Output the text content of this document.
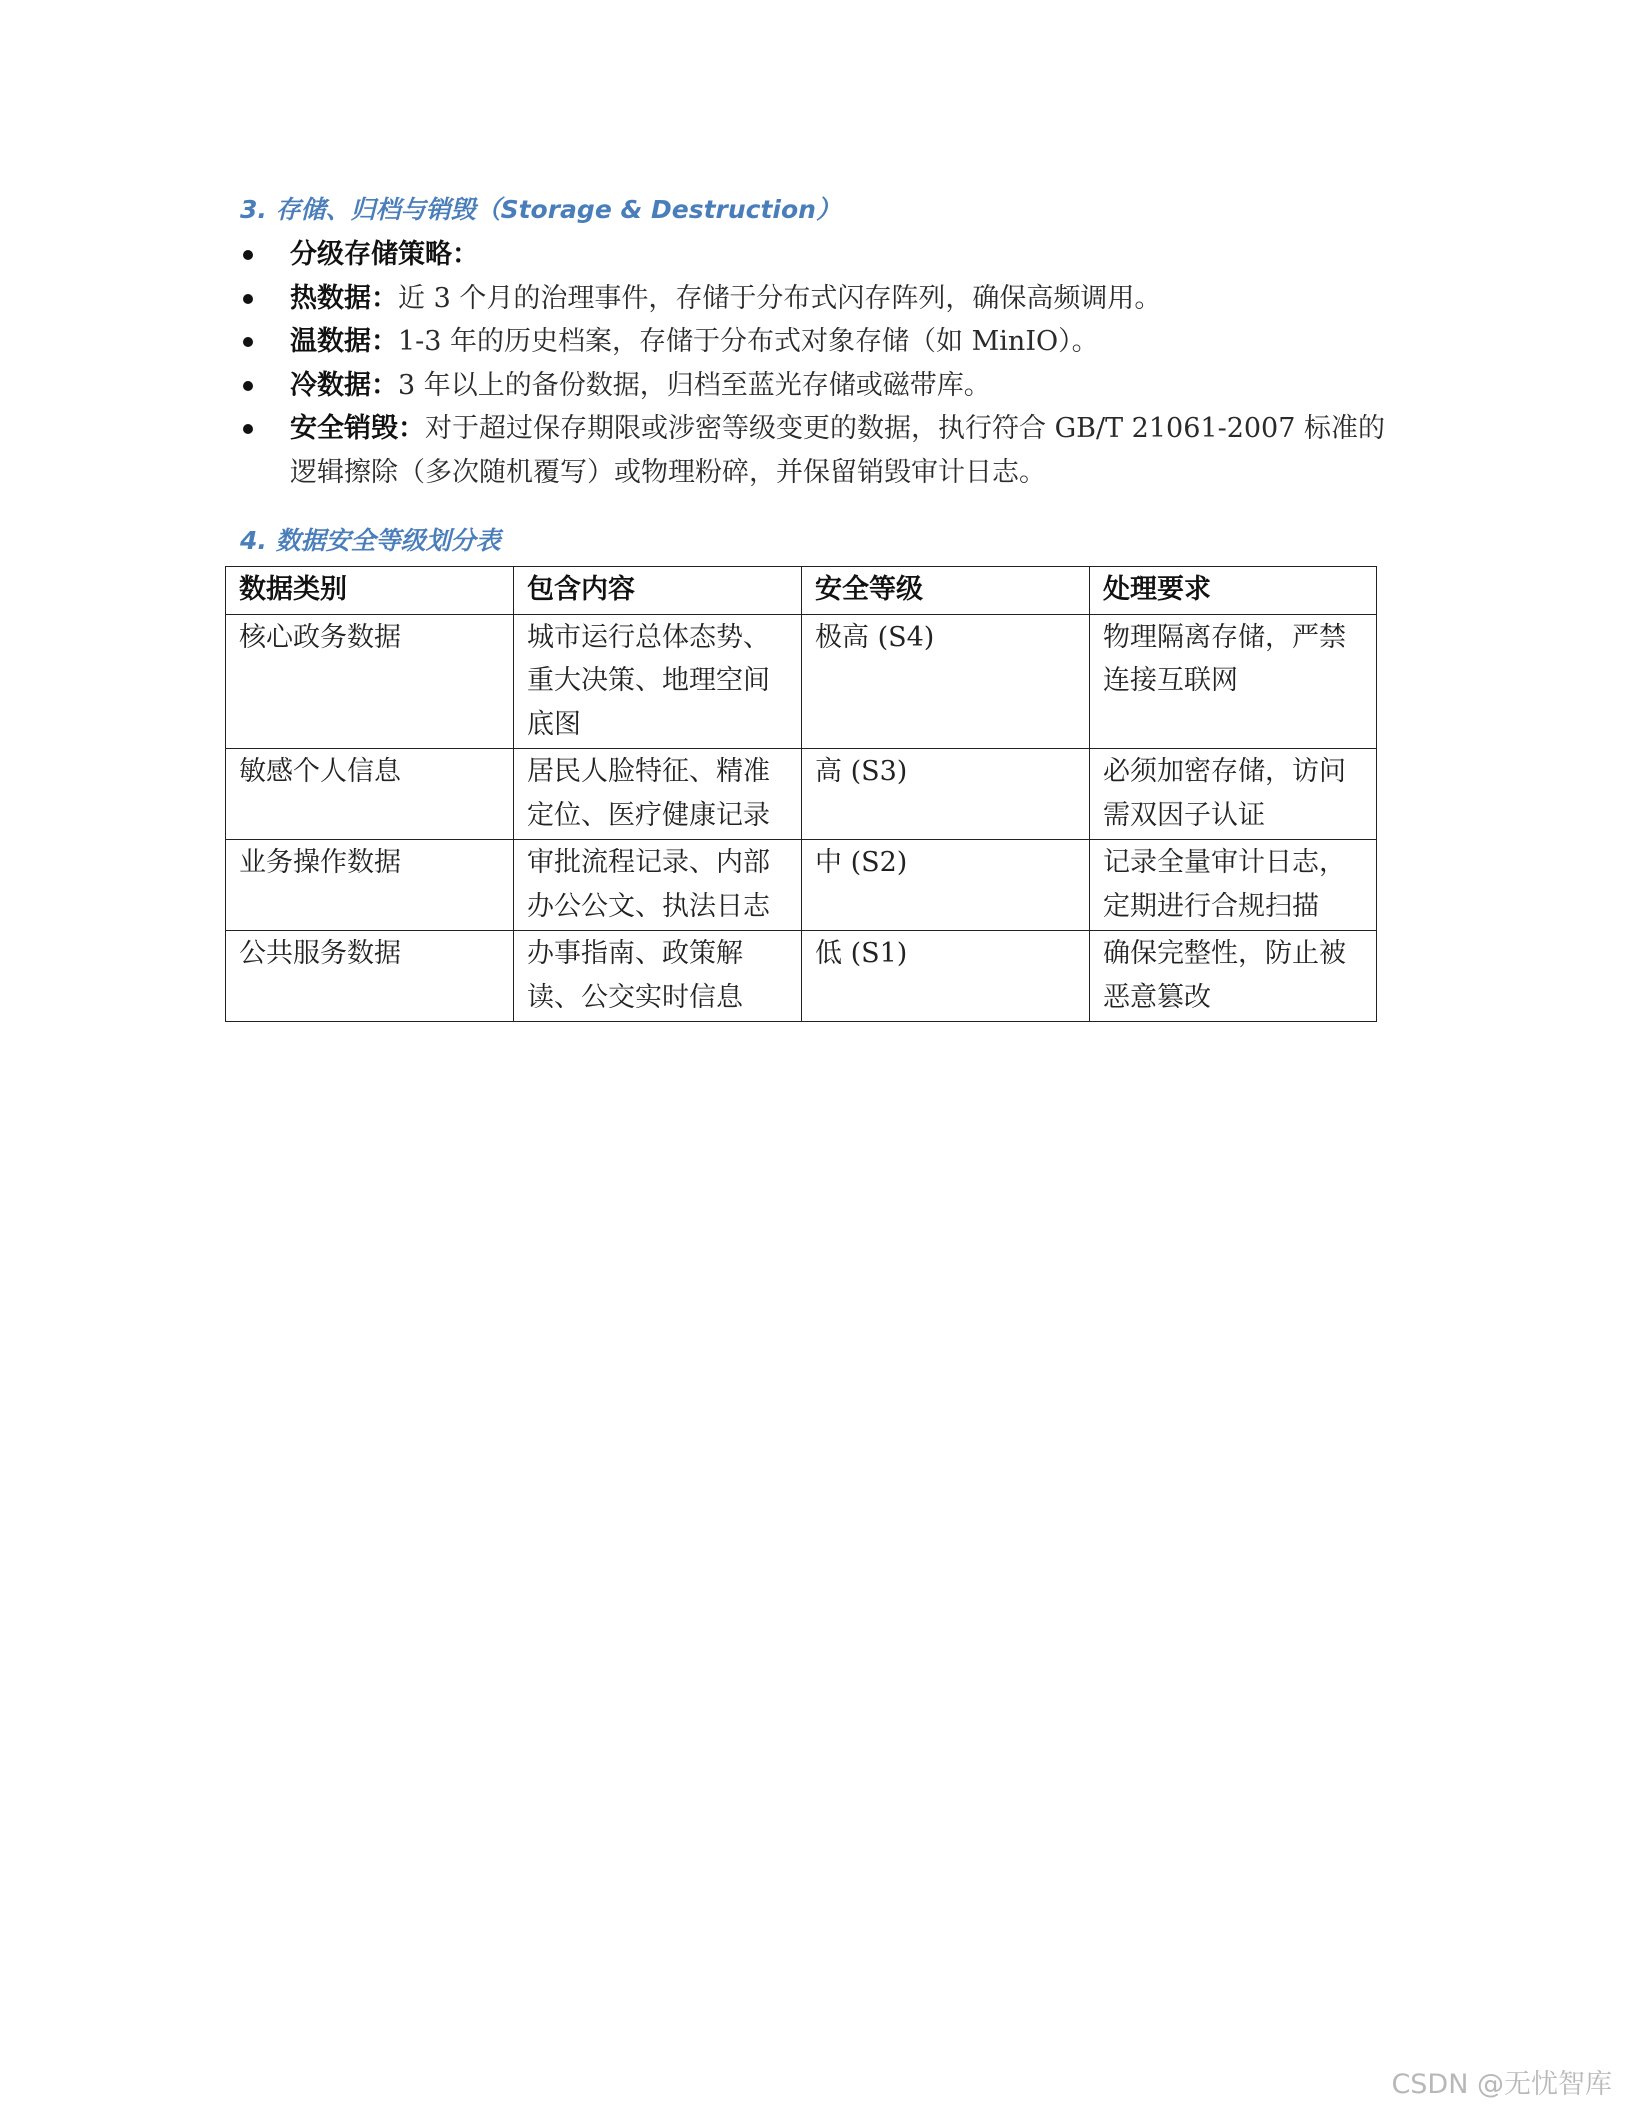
3. 存储、归档与销毁（Storage & Destruction）
分级存储策略：
热数据：近 3 个月的治理事件，存储于分布式闪存阵列，确保高频调用。
温数据：1-3 年的历史档案，存储于分布式对象存储（如 MinIO）。
冷数据：3 年以上的备份数据，归档至蓝光存储或磁带库。
安全销毁：对于超过保存期限或涉密等级变更的数据，执行符合 GB/T 21061-2007 标准的逻辑擦除（多次随机覆写）或物理粉碎，并保留销毁审计日志。
4. 数据安全等级划分表
数据类别	包含内容	安全等级	处理要求
核心政务数据	城市运行总体态势、重大决策、地理空间底图	极高 (S4)	物理隔离存储，严禁连接互联网
敏感个人信息	居民人脸特征、精准定位、医疗健康记录	高 (S3)	必须加密存储，访问需双因子认证
业务操作数据	审批流程记录、内部办公公文、执法日志	中 (S2)	记录全量审计日志，定期进行合规扫描
公共服务数据	办事指南、政策解读、公交实时信息	低 (S1)	确保完整性，防止被恶意篡改
CSDN @无忧智库
